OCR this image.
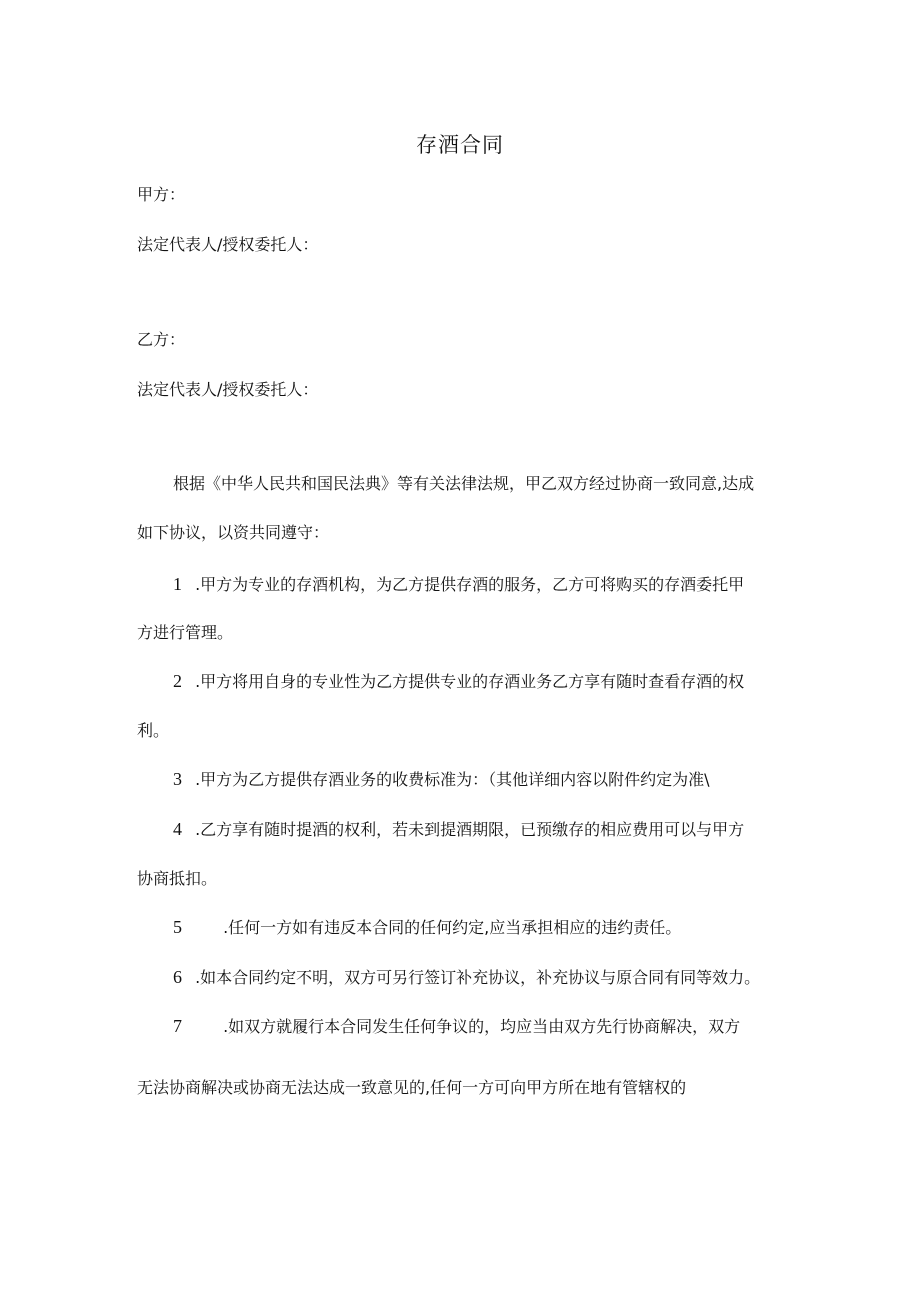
存酒合同
甲方：
法定代表人/授权委托人：
乙方：
法定代表人/授权委托人：
根据《中华人民共和国民法典》等有关法律法规，甲乙双方经过协商一致同意,达成
如下协议，以资共同遵守：
1 .甲方为专业的存酒机构，为乙方提供存酒的服务，乙方可将购买的存酒委托甲
方进行管理。
2 .甲方将用自身的专业性为乙方提供专业的存酒业务乙方享有随时查看存酒的权
利。
3 .甲方为乙方提供存酒业务的收费标准为：（其他详细内容以附件约定为准\
4 .乙方享有随时提酒的权利，若未到提酒期限，已预缴存的相应费用可以与甲方
协商抵扣。
5	.任何一方如有违反本合同的任何约定,应当承担相应的违约责任。
6 .如本合同约定不明，双方可另行签订补充协议，补充协议与原合同有同等效力。
7	.如双方就履行本合同发生任何争议的，均应当由双方先行协商解决，双方
无法协商解决或协商无法达成一致意见的,任何一方可向甲方所在地有管辖权的
